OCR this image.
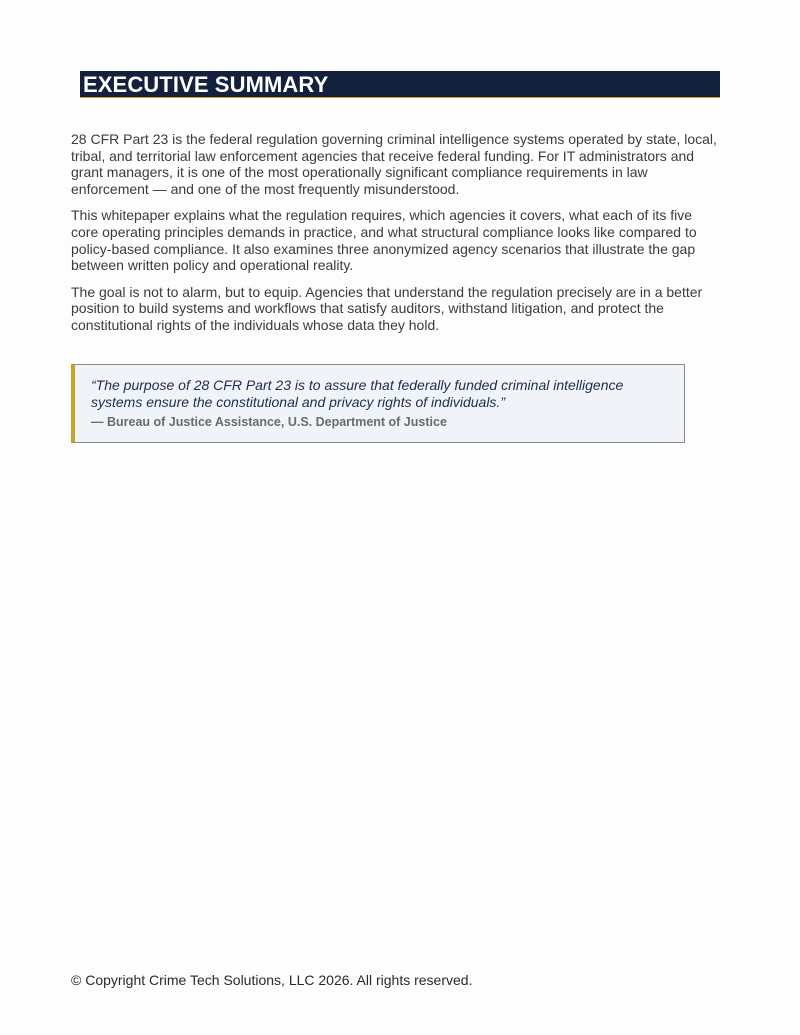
EXECUTIVE SUMMARY

28 CFR Part 23 is the federal regulation governing criminal intelligence systems operated by state, local, tribal, and territorial law enforcement agencies that receive federal funding. For IT administrators and grant managers, it is one of the most operationally significant compliance requirements in law enforcement — and one of the most frequently misunderstood.

This whitepaper explains what the regulation requires, which agencies it covers, what each of its five core operating principles demands in practice, and what structural compliance looks like compared to policy-based compliance. It also examines three anonymized agency scenarios that illustrate the gap between written policy and operational reality.

The goal is not to alarm, but to equip. Agencies that understand the regulation precisely are in a better position to build systems and workflows that satisfy auditors, withstand litigation, and protect the constitutional rights of the individuals whose data they hold.

“The purpose of 28 CFR Part 23 is to assure that federally funded criminal intelligence systems ensure the constitutional and privacy rights of individuals.”

— Bureau of Justice Assistance, U.S. Department of Justice

© Copyright Crime Tech Solutions, LLC 2026. All rights reserved.
